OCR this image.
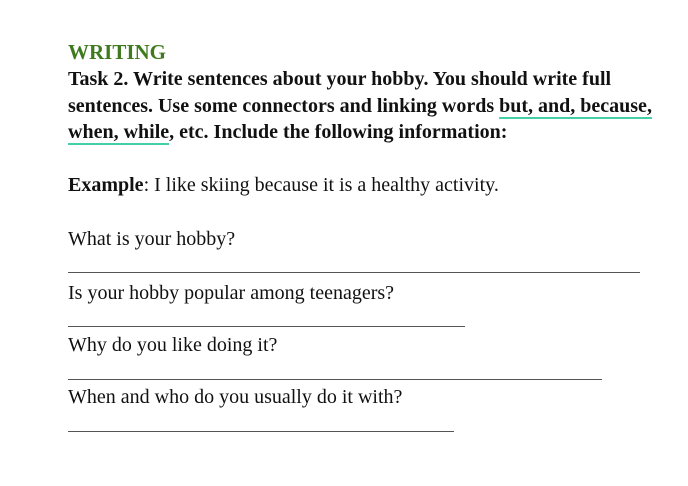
WRITING
Task 2. Write sentences about your hobby. You should write full sentences. Use some connectors and linking words but, and, because, when, while, etc. Include the following information:
Example: I like skiing because it is a healthy activity.
What is your hobby?
Is your hobby popular among teenagers?
Why do you like doing it?
When and who do you usually do it with?
